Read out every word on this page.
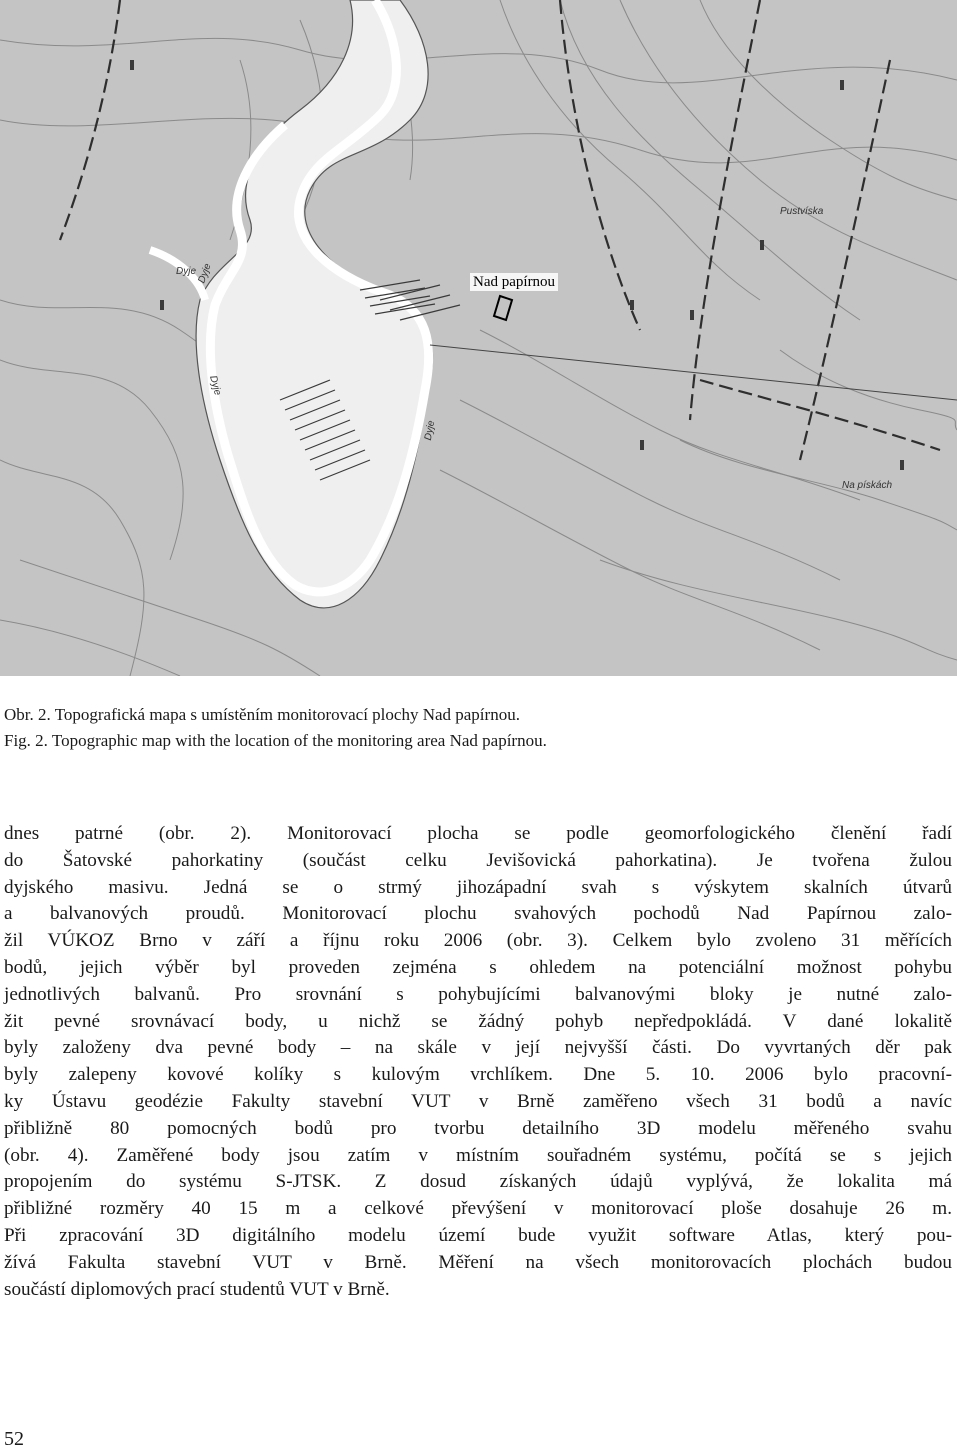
Nad papírnou
Dyje
Dyje
Dyje
Dyje
Na pískách
Pustvíska
Obr. 2. Topografická mapa s umístěním monitorovací plochy Nad papírnou.
Fig. 2. Topographic map with the location of the monitoring area Nad papírnou.
dnes patrné (obr. 2). Monitorovací plocha se podle geomorfologického členění řadí
do Šatovské pahorkatiny (součást celku Jevišovická pahorkatina). Je tvořena žulou
dyjského masivu. Jedná se o strmý jihozápadní svah s výskytem skalních útvarů
a balvanových proudů. Monitorovací plochu svahových pochodů Nad Papírnou zalo-
žil VÚKOZ Brno v září a říjnu roku 2006 (obr. 3). Celkem bylo zvoleno 31 měřících
bodů, jejich výběr byl proveden zejména s ohledem na potenciální možnost pohybu
jednotlivých balvanů. Pro srovnání s pohybujícími balvanovými bloky je nutné zalo-
žit pevné srovnávací body, u nichž se žádný pohyb nepředpokládá. V dané lokalitě
byly založeny dva pevné body – na skále v její nejvyšší části. Do vyvrtaných děr pak
byly zalepeny kovové kolíky s kulovým vrchlíkem. Dne 5. 10. 2006 bylo pracovní-
ky Ústavu geodézie Fakulty stavební VUT v Brně zaměřeno všech 31 bodů a navíc
přibližně 80 pomocných bodů pro tvorbu detailního 3D modelu měřeného svahu
(obr. 4). Zaměřené body jsou zatím v místním souřadném systému, počítá se s jejich
propojením do systému S-JTSK. Z dosud získaných údajů vyplývá, že lokalita má
přibližné rozměry 40 15 m a celkové převýšení v monitorovací ploše dosahuje 26 m.
Při zpracování 3D digitálního modelu území bude využit software Atlas, který pou-
žívá Fakulta stavební VUT v Brně. Měření na všech monitorovacích plochách budou
součástí diplomových prací studentů VUT v Brně.
52
